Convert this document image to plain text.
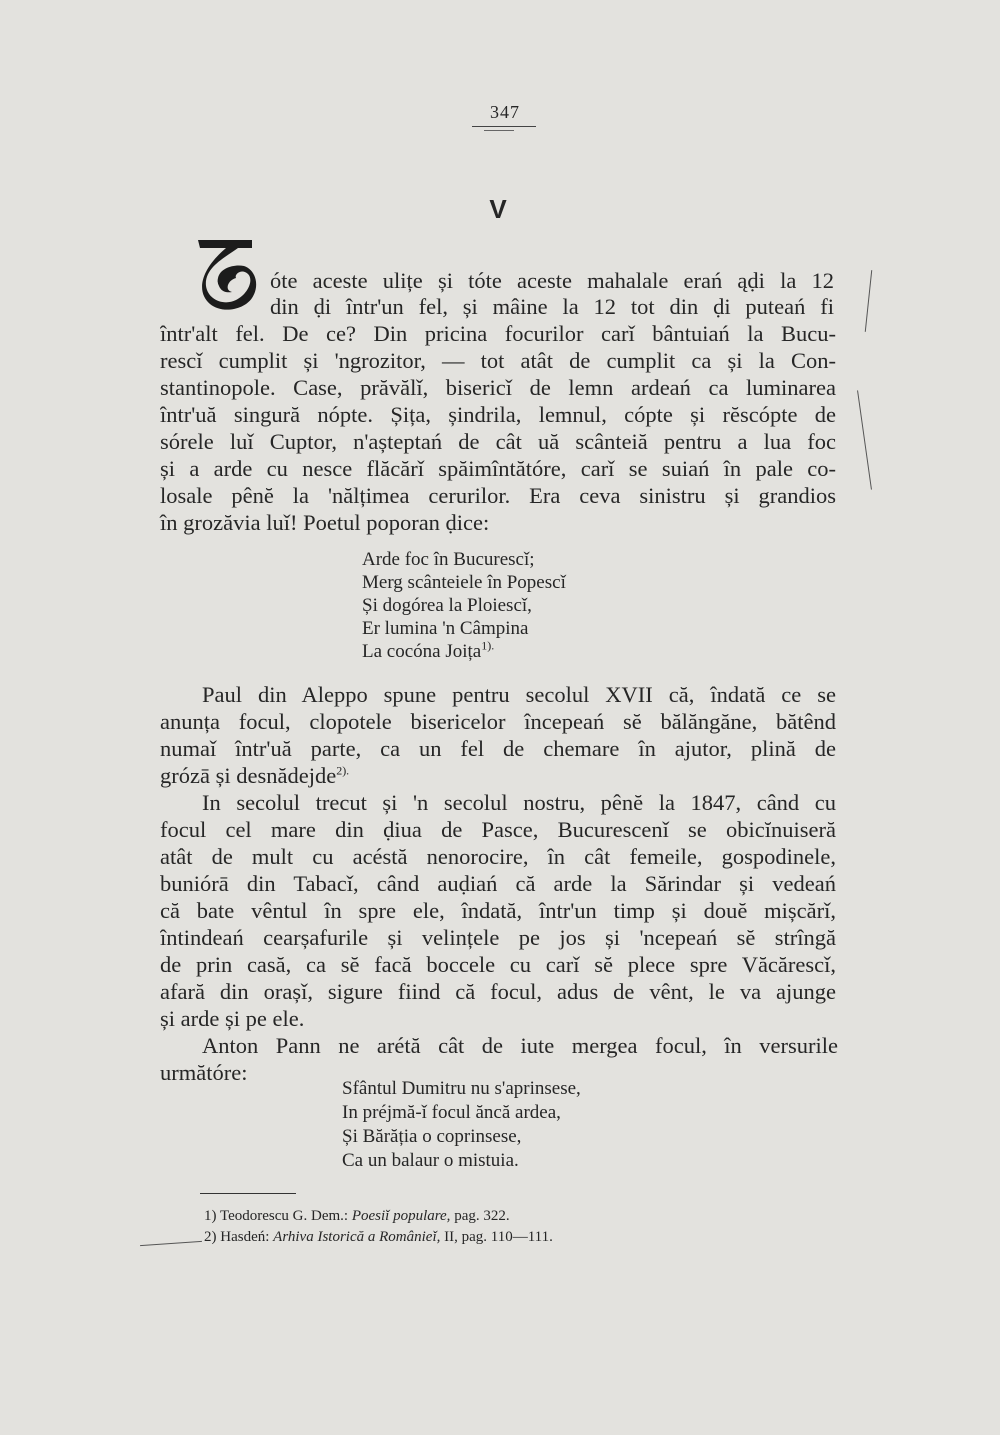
347
V
óte aceste ulițe și tóte aceste mahalale erań ąḍi la 12
din ḍi într'un fel, și mâine la 12 tot din ḍi puteań fi
într'alt fel. De ce? Din pricina focurilor carǐ bântuiań la Bucu-
rescǐ cumplit și 'ngrozitor, — tot atât de cumplit ca și la Con-
stantinopole. Case, prăvălǐ, bisericǐ de lemn ardeań ca luminarea
într'uă singură nópte. Șița, șindrila, lemnul, cópte și rĕscópte de
sórele luǐ Cuptor, n'așteptań de cât uă scânteiă pentru a lua foc
și a arde cu nesce flăcărǐ spăimîntătóre, carǐ se suiań în pale co-
losale pênĕ la 'nălțimea cerurilor. Era ceva sinistru și grandios
în grozăvia luǐ! Poetul poporan ḍice:
Arde foc în Bucurescǐ;
Merg scânteiele în Popescǐ
Și dogórea la Ploiescǐ,
Er lumina 'n Câmpina
La cocóna Joița$^{1).}$
Paul din Aleppo spune pentru secolul XVII că, îndată ce se
anunța focul, clopotele bisericelor începeań sĕ bălăngăne, bătênd
numaǐ într'uă parte, ca un fel de chemare în ajutor, plină de
grózā și desnădejde$^{2).}$
In secolul trecut și 'n secolul nostru, pênĕ la 1847, când cu
focul cel mare din ḍiua de Pasce, Bucurescenǐ se obicĭnuiseră
atât de mult cu acéstă nenorocire, în cât femeile, gospodinele,
buniórā din Tabacǐ, când auḍiań că arde la Sărindar și vedeań
că bate vêntul în spre ele, îndată, într'un timp și douĕ mișcărǐ,
întindeań cearșafurile și velințele pe jos și 'ncepeań sĕ strîngă
de prin casă, ca sĕ facă boccele cu carǐ sĕ plece spre Văcărescǐ,
afară din orașǐ, sigure fiind că focul, adus de vênt, le va ajunge
și arde și pe ele.
Anton Pann ne arétă cât de iute mergea focul, în versurile
următóre:
Sfântul Dumitru nu s'aprinsese,
In préjmă-ǐ focul ăncă ardea,
Și Bărăția o coprinsese,
Ca un balaur o mistuia.
1) Teodorescu G. Dem.: Poesiǐ populare, pag. 322.
2) Hasdeń: Arhiva Istorică a Românieǐ, II, pag. 110—111.
